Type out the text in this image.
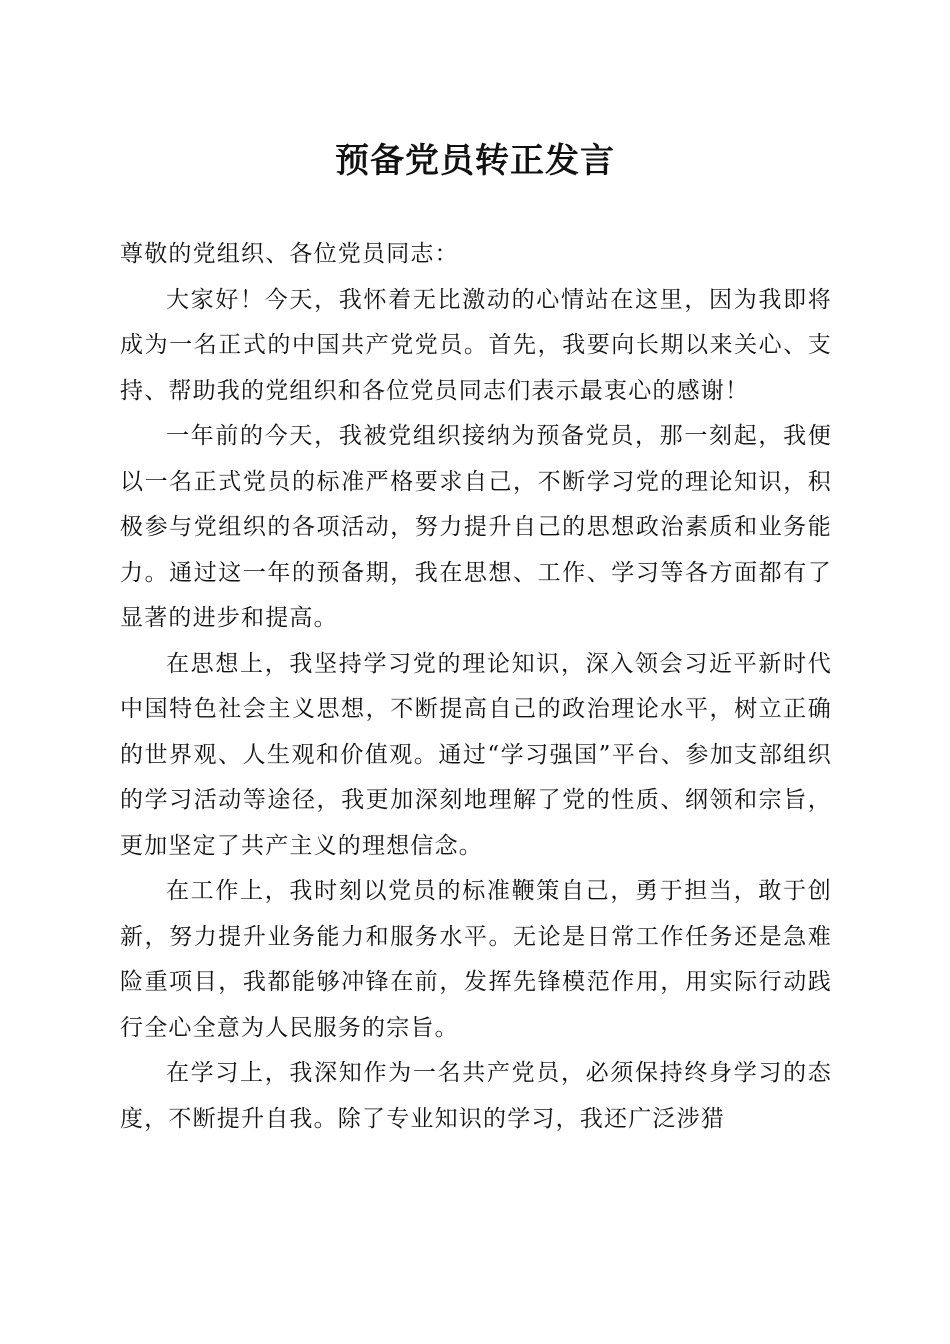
预备党员转正发言

尊敬的党组织、各位党员同志：

大家好！今天，我怀着无比激动的心情站在这里，因为我即将成为一名正式的中国共产党党员。首先，我要向长期以来关心、支持、帮助我的党组织和各位党员同志们表示最衷心的感谢！

一年前的今天，我被党组织接纳为预备党员，那一刻起，我便以一名正式党员的标准严格要求自己，不断学习党的理论知识，积极参与党组织的各项活动，努力提升自己的思想政治素质和业务能力。通过这一年的预备期，我在思想、工作、学习等各方面都有了显著的进步和提高。

在思想上，我坚持学习党的理论知识，深入领会习近平新时代中国特色社会主义思想，不断提高自己的政治理论水平，树立正确的世界观、人生观和价值观。通过“学习强国”平台、参加支部组织的学习活动等途径，我更加深刻地理解了党的性质、纲领和宗旨，更加坚定了共产主义的理想信念。

在工作上，我时刻以党员的标准鞭策自己，勇于担当，敢于创新，努力提升业务能力和服务水平。无论是日常工作任务还是急难险重项目，我都能够冲锋在前，发挥先锋模范作用，用实际行动践行全心全意为人民服务的宗旨。

在学习上，我深知作为一名共产党员，必须保持终身学习的态度，不断提升自我。除了专业知识的学习，我还广泛涉猎
